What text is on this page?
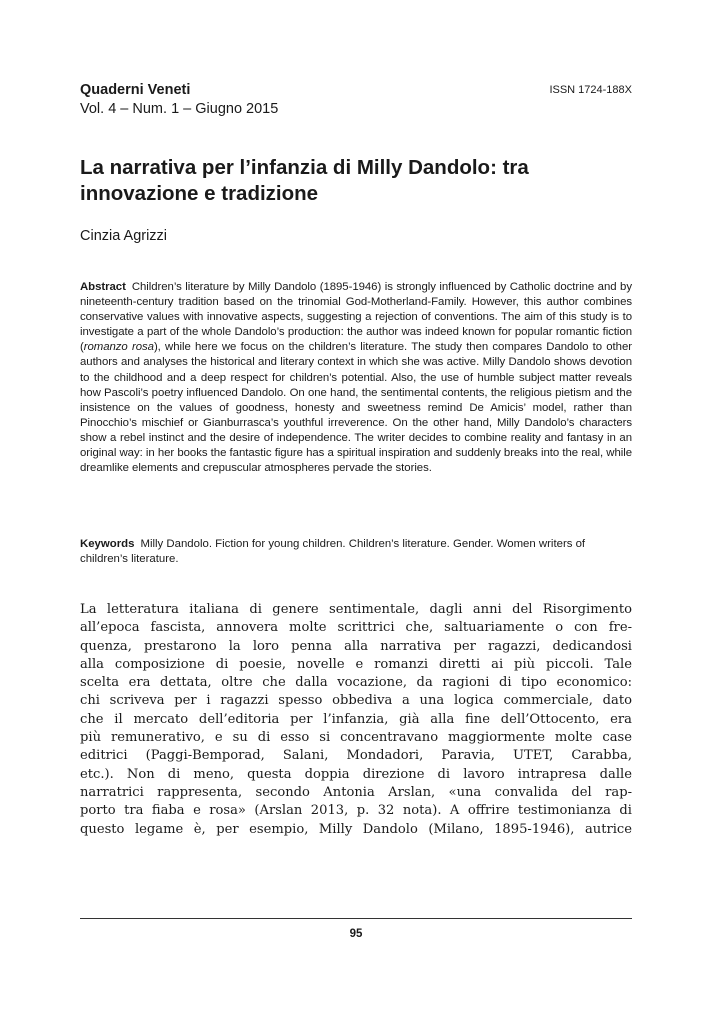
Quaderni Veneti
Vol. 4 – Num. 1 – Giugno 2015
ISSN 1724-188X
La narrativa per l’infanzia di Milly Dandolo: tra innovazione e tradizione
Cinzia Agrizzi

Abstract Children’s literature by Milly Dandolo (1895-1946) is strongly influenced by Catholic doctrine and by nineteenth-century tradition based on the trinomial God-Motherland-Family. However, this author combines conservative values with innovative aspects, suggesting a rejection of conventions. The aim of this study is to investigate a part of the whole Dandolo’s production: the author was indeed known for popular romantic fiction (romanzo rosa), while here we focus on the children’s literature. The study then compares Dandolo to other authors and analyses the historical and literary context in which she was active. Milly Dandolo shows devotion to the childhood and a deep respect for children’s potential. Also, the use of humble subject matter reveals how Pascoli’s poetry influenced Dandolo. On one hand, the sentimental contents, the religious pietism and the insistence on the values of goodness, honesty and sweetness remind De Amicis’ model, rather than Pinocchio’s mischief or Gianburrasca’s youthful irreverence. On the other hand, Milly Dandolo’s characters show a rebel instinct and the desire of independence. The writer decides to combine reality and fantasy in an original way: in her books the fantastic figure has a spiritual inspiration and suddenly breaks into the real, while dreamlike elements and crepuscular atmospheres pervade the stories.

Keywords Milly Dandolo. Fiction for young children. Children’s literature. Gender. Women writers of children’s literature.

La letteratura italiana di genere sentimentale, dagli anni del Risorgimento
all’epoca fascista, annovera molte scrittrici che, saltuariamente o con fre-
quenza, prestarono la loro penna alla narrativa per ragazzi, dedicandosi
alla composizione di poesie, novelle e romanzi diretti ai più piccoli. Tale
scelta era dettata, oltre che dalla vocazione, da ragioni di tipo economico:
chi scriveva per i ragazzi spesso obbediva a una logica commerciale, dato
che il mercato dell’editoria per l’infanzia, già alla fine dell’Ottocento, era
più remunerativo, e su di esso si concentravano maggiormente molte case
editrici (Paggi-Bemporad, Salani, Mondadori, Paravia, UTET, Carabba,
etc.). Non di meno, questa doppia direzione di lavoro intrapresa dalle
narratrici rappresenta, secondo Antonia Arslan, «una convalida del rap-
porto tra fiaba e rosa» (Arslan 2013, p. 32 nota). A offrire testimonianza di
questo legame è, per esempio, Milly Dandolo (Milano, 1895-1946), autrice
95
